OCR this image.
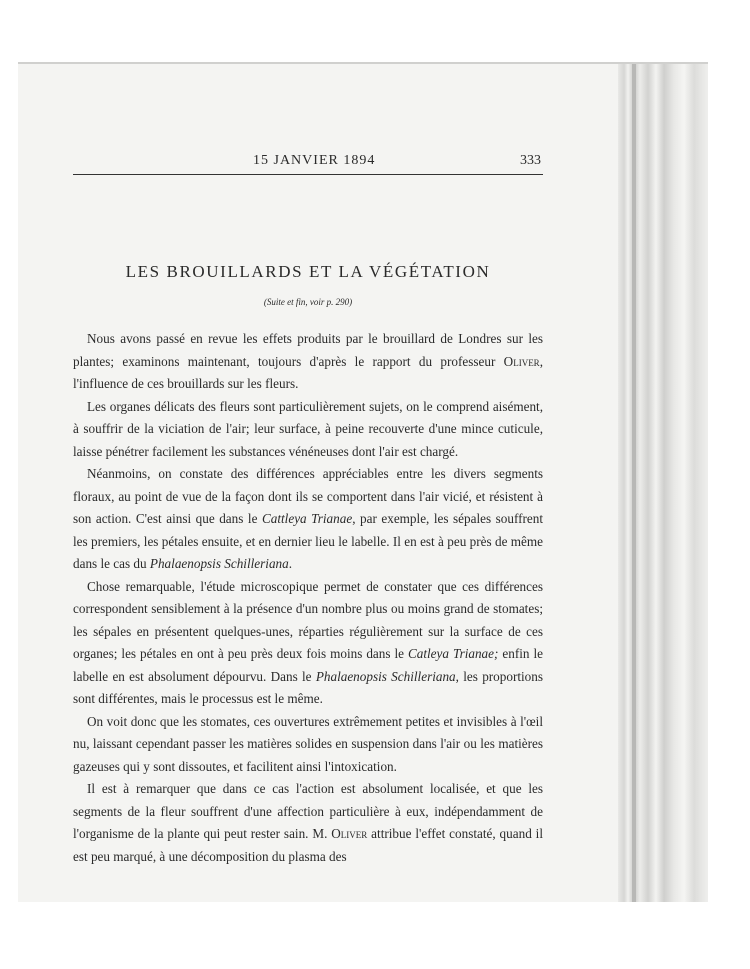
15 JANVIER 1894	333
LES BROUILLARDS ET LA VÉGÉTATION
(Suite et fin, voir p. 290)

Nous avons passé en revue les effets produits par le brouillard de Londres sur les plantes; examinons maintenant, toujours d'après le rapport du professeur Oliver, l'influence de ces brouillards sur les fleurs.

Les organes délicats des fleurs sont particulièrement sujets, on le comprend aisément, à souffrir de la viciation de l'air; leur surface, à peine recouverte d'une mince cuticule, laisse pénétrer facilement les substances vénéneuses dont l'air est chargé.

Néanmoins, on constate des différences appréciables entre les divers segments floraux, au point de vue de la façon dont ils se comportent dans l'air vicié, et résistent à son action. C'est ainsi que dans le Cattleya Trianae, par exemple, les sépales souffrent les premiers, les pétales ensuite, et en dernier lieu le labelle. Il en est à peu près de même dans le cas du Phalaenopsis Schilleriana.

Chose remarquable, l'étude microscopique permet de constater que ces différences correspondent sensiblement à la présence d'un nombre plus ou moins grand de stomates; les sépales en présentent quelques-unes, réparties régulièrement sur la surface de ces organes; les pétales en ont à peu près deux fois moins dans le Catleya Trianae; enfin le labelle en est absolument dépourvu. Dans le Phalaenopsis Schilleriana, les proportions sont différentes, mais le processus est le même.

On voit donc que les stomates, ces ouvertures extrêmement petites et invisibles à l'œil nu, laissant cependant passer les matières solides en suspension dans l'air ou les matières gazeuses qui y sont dissoutes, et facilitent ainsi l'intoxication.

Il est à remarquer que dans ce cas l'action est absolument localisée, et que les segments de la fleur souffrent d'une affection particulière à eux, indépendamment de l'organisme de la plante qui peut rester sain. M. Oliver attribue l'effet constaté, quand il est peu marqué, à une décomposition du plasma des
